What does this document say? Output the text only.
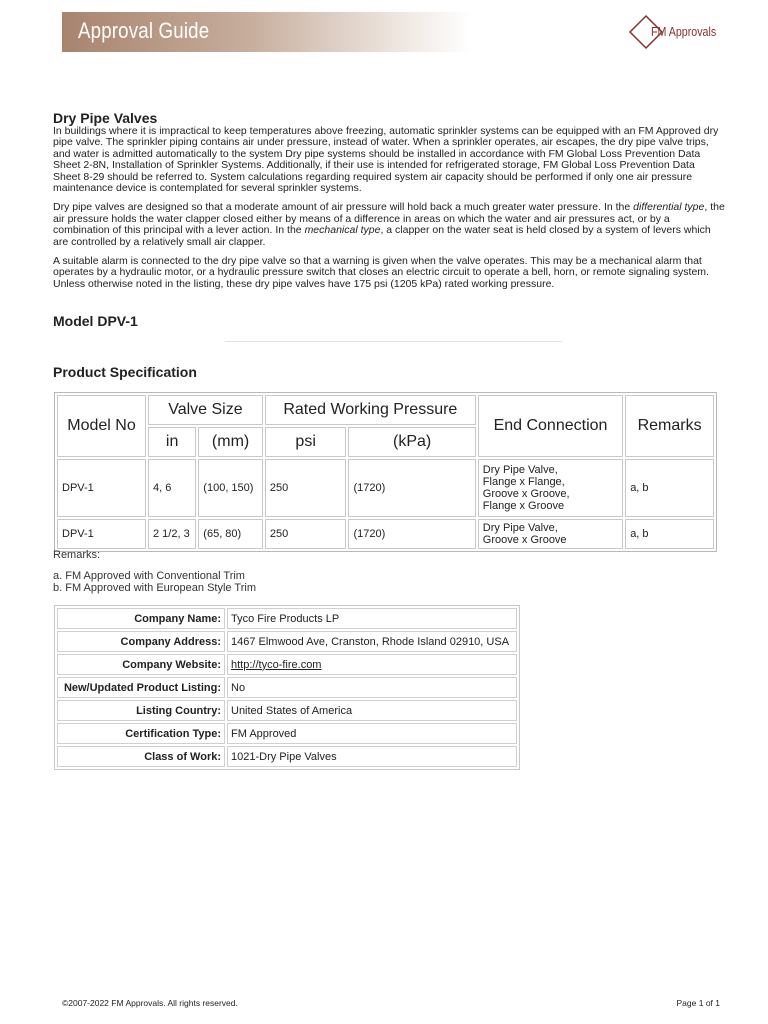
Approval Guide	FM Approvals
Dry Pipe Valves

In buildings where it is impractical to keep temperatures above freezing, automatic sprinkler systems can be equipped with an FM Approved dry pipe valve. The sprinkler piping contains air under pressure, instead of water. When a sprinkler operates, air escapes, the dry pipe valve trips, and water is admitted automatically to the system Dry pipe systems should be installed in accordance with FM Global Loss Prevention Data Sheet 2-8N, Installation of Sprinkler Systems. Additionally, if their use is intended for refrigerated storage, FM Global Loss Prevention Data Sheet 8-29 should be referred to. System calculations regarding required system air capacity should be performed if only one air pressure maintenance device is contemplated for several sprinkler systems.

Dry pipe valves are designed so that a moderate amount of air pressure will hold back a much greater water pressure. In the differential type, the air pressure holds the water clapper closed either by means of a difference in areas on which the water and air pressures act, or by a combination of this principal with a lever action. In the mechanical type, a clapper on the water seat is held closed by a system of levers which are controlled by a relatively small air clapper.

A suitable alarm is connected to the dry pipe valve so that a warning is given when the valve operates. This may be a mechanical alarm that operates by a hydraulic motor, or a hydraulic pressure switch that closes an electric circuit to operate a bell, horn, or remote signaling system. Unless otherwise noted in the listing, these dry pipe valves have 175 psi (1205 kPa) rated working pressure.

Model DPV-1
Product Specification
Model No	Valve Size		Rated Working Pressure		End Connection	Remarks
	in	(mm)	psi	(kPa)		
DPV-1	4, 6	(100, 150)	250	(1720)	Dry Pipe Valve,
Flange x Flange,
Groove x Groove,
Flange x Groove	a, b
DPV-1	2 1/2, 3	(65, 80)	250	(1720)	Dry Pipe Valve,
Groove x Groove	a, b
Remarks:
a. FM Approved with Conventional Trim
b. FM Approved with European Style Trim
Company Name:	Tyco Fire Products LP
Company Address:	1467 Elmwood Ave, Cranston, Rhode Island 02910, USA
Company Website:	http://tyco-fire.com
New/Updated Product Listing:	No
Listing Country:	United States of America
Certification Type:	FM Approved
Class of Work:	1021-Dry Pipe Valves
©2007-2022 FM Approvals. All rights reserved.	Page 1 of 1
